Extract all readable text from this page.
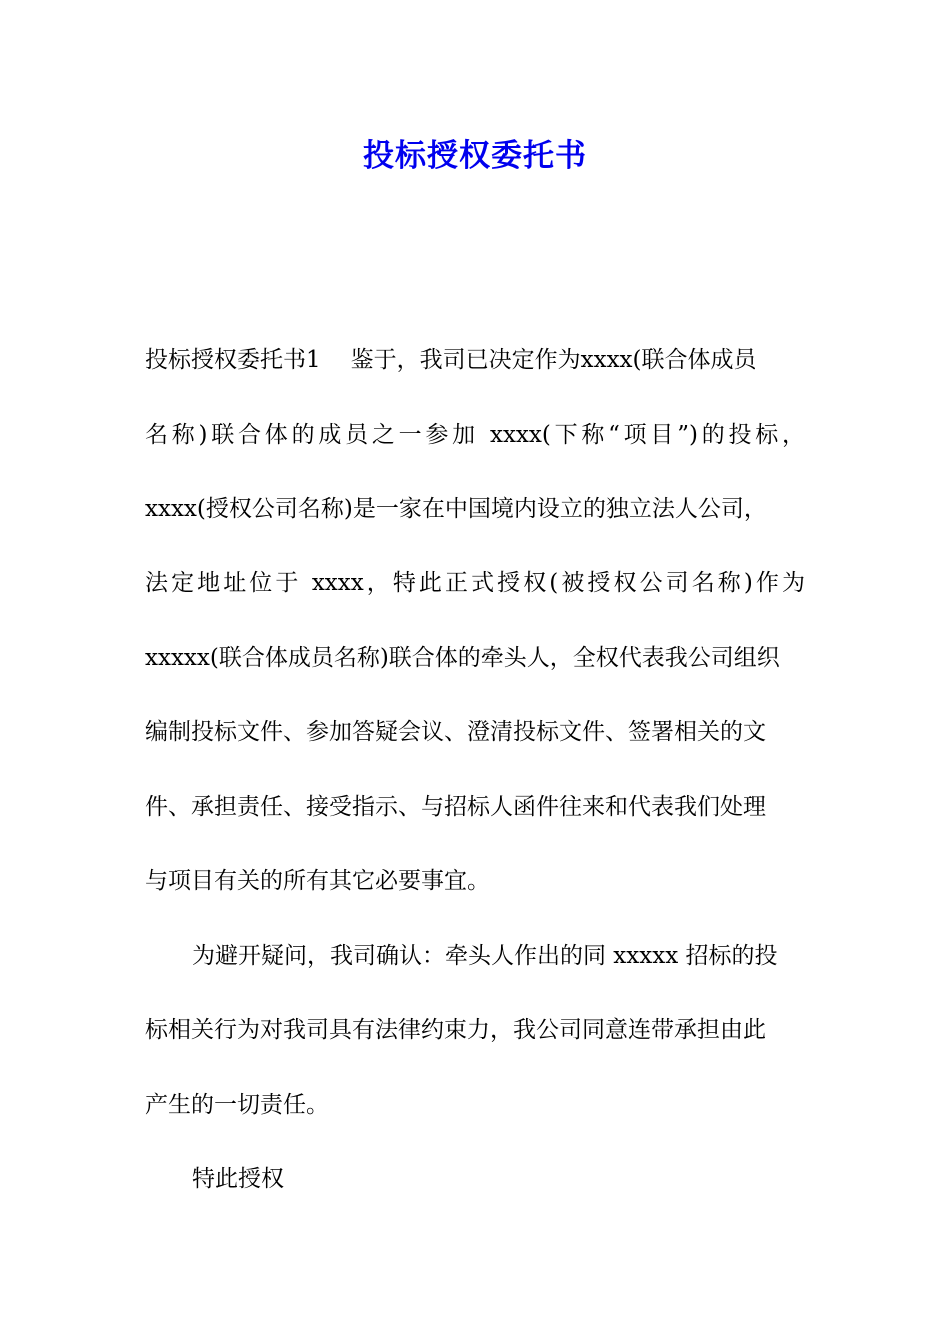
投标授权委托书
投标授权委托书1 鉴于，我司已决定作为xxxx(联合体成员
名称)联合体的成员之一参加 xxxx(下称“项目”)的投标，
xxxx(授权公司名称)是一家在中国境内设立的独立法人公司，
法定地址位于 xxxx，特此正式授权(被授权公司名称)作为
xxxxx(联合体成员名称)联合体的牵头人，全权代表我公司组织
编制投标文件、参加答疑会议、澄清投标文件、签署相关的文
件、承担责任、接受指示、与招标人函件往来和代表我们处理
与项目有关的所有其它必要事宜。
为避开疑问，我司确认：牵头人作出的同 xxxxx 招标的投
标相关行为对我司具有法律约束力，我公司同意连带承担由此
产生的一切责任。
特此授权
